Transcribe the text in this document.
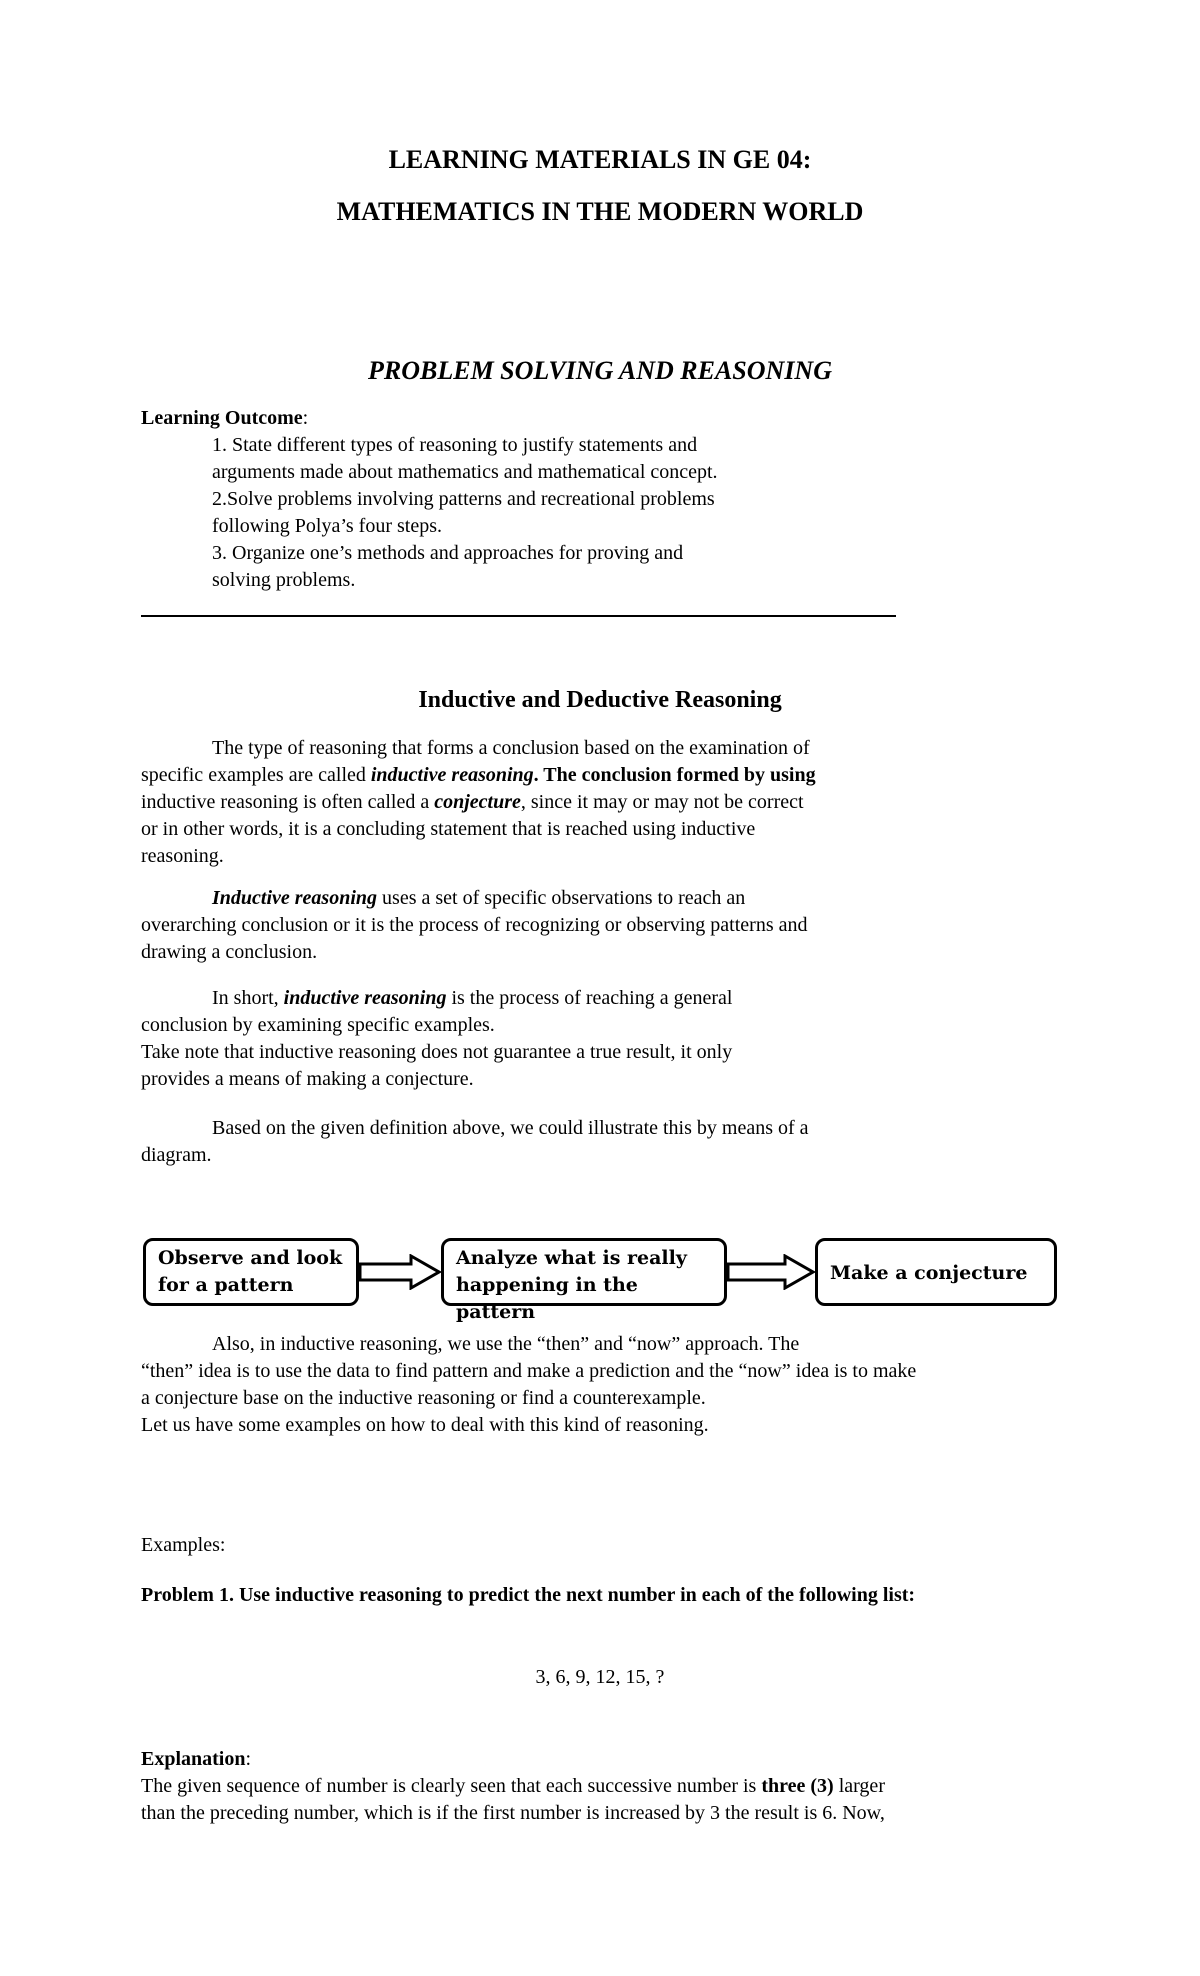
LEARNING MATERIALS IN GE 04:
MATHEMATICS IN THE MODERN WORLD
PROBLEM SOLVING AND REASONING
Learning Outcome:

1. State different types of reasoning to justify statements and

arguments made about mathematics and mathematical concept.

2.Solve problems involving patterns and recreational problems

following Polya’s four steps.

3. Organize one’s methods and approaches for proving and

solving problems.

Inductive and Deductive Reasoning

The type of reasoning that forms a conclusion based on the examination of

specific examples are called inductive reasoning. The conclusion formed by using

inductive reasoning is often called a conjecture, since it may or may not be correct

or in other words, it is a concluding statement that is reached using inductive

reasoning.

Inductive reasoning uses a set of specific observations to reach an

overarching conclusion or it is the process of recognizing or observing patterns and

drawing a conclusion.

In short, inductive reasoning is the process of reaching a general

conclusion by examining specific examples.

Take note that inductive reasoning does not guarantee a true result, it only

provides a means of making a conjecture.

Based on the given definition above, we could illustrate this by means of a

diagram.

Observe and look
for a pattern
Analyze what is really
happening in the pattern
Make a conjecture

Also, in inductive reasoning, we use the “then” and “now” approach. The

“then” idea is to use the data to find pattern and make a prediction and the “now” idea is to make

a conjecture base on the inductive reasoning or find a counterexample.

Let us have some examples on how to deal with this kind of reasoning.

Examples:
Problem 1. Use inductive reasoning to predict the next number in each of the following list:
3, 6, 9, 12, 15, ?
Explanation:

The given sequence of number is clearly seen that each successive number is three (3) larger

than the preceding number, which is if the first number is increased by 3 the result is 6. Now,
